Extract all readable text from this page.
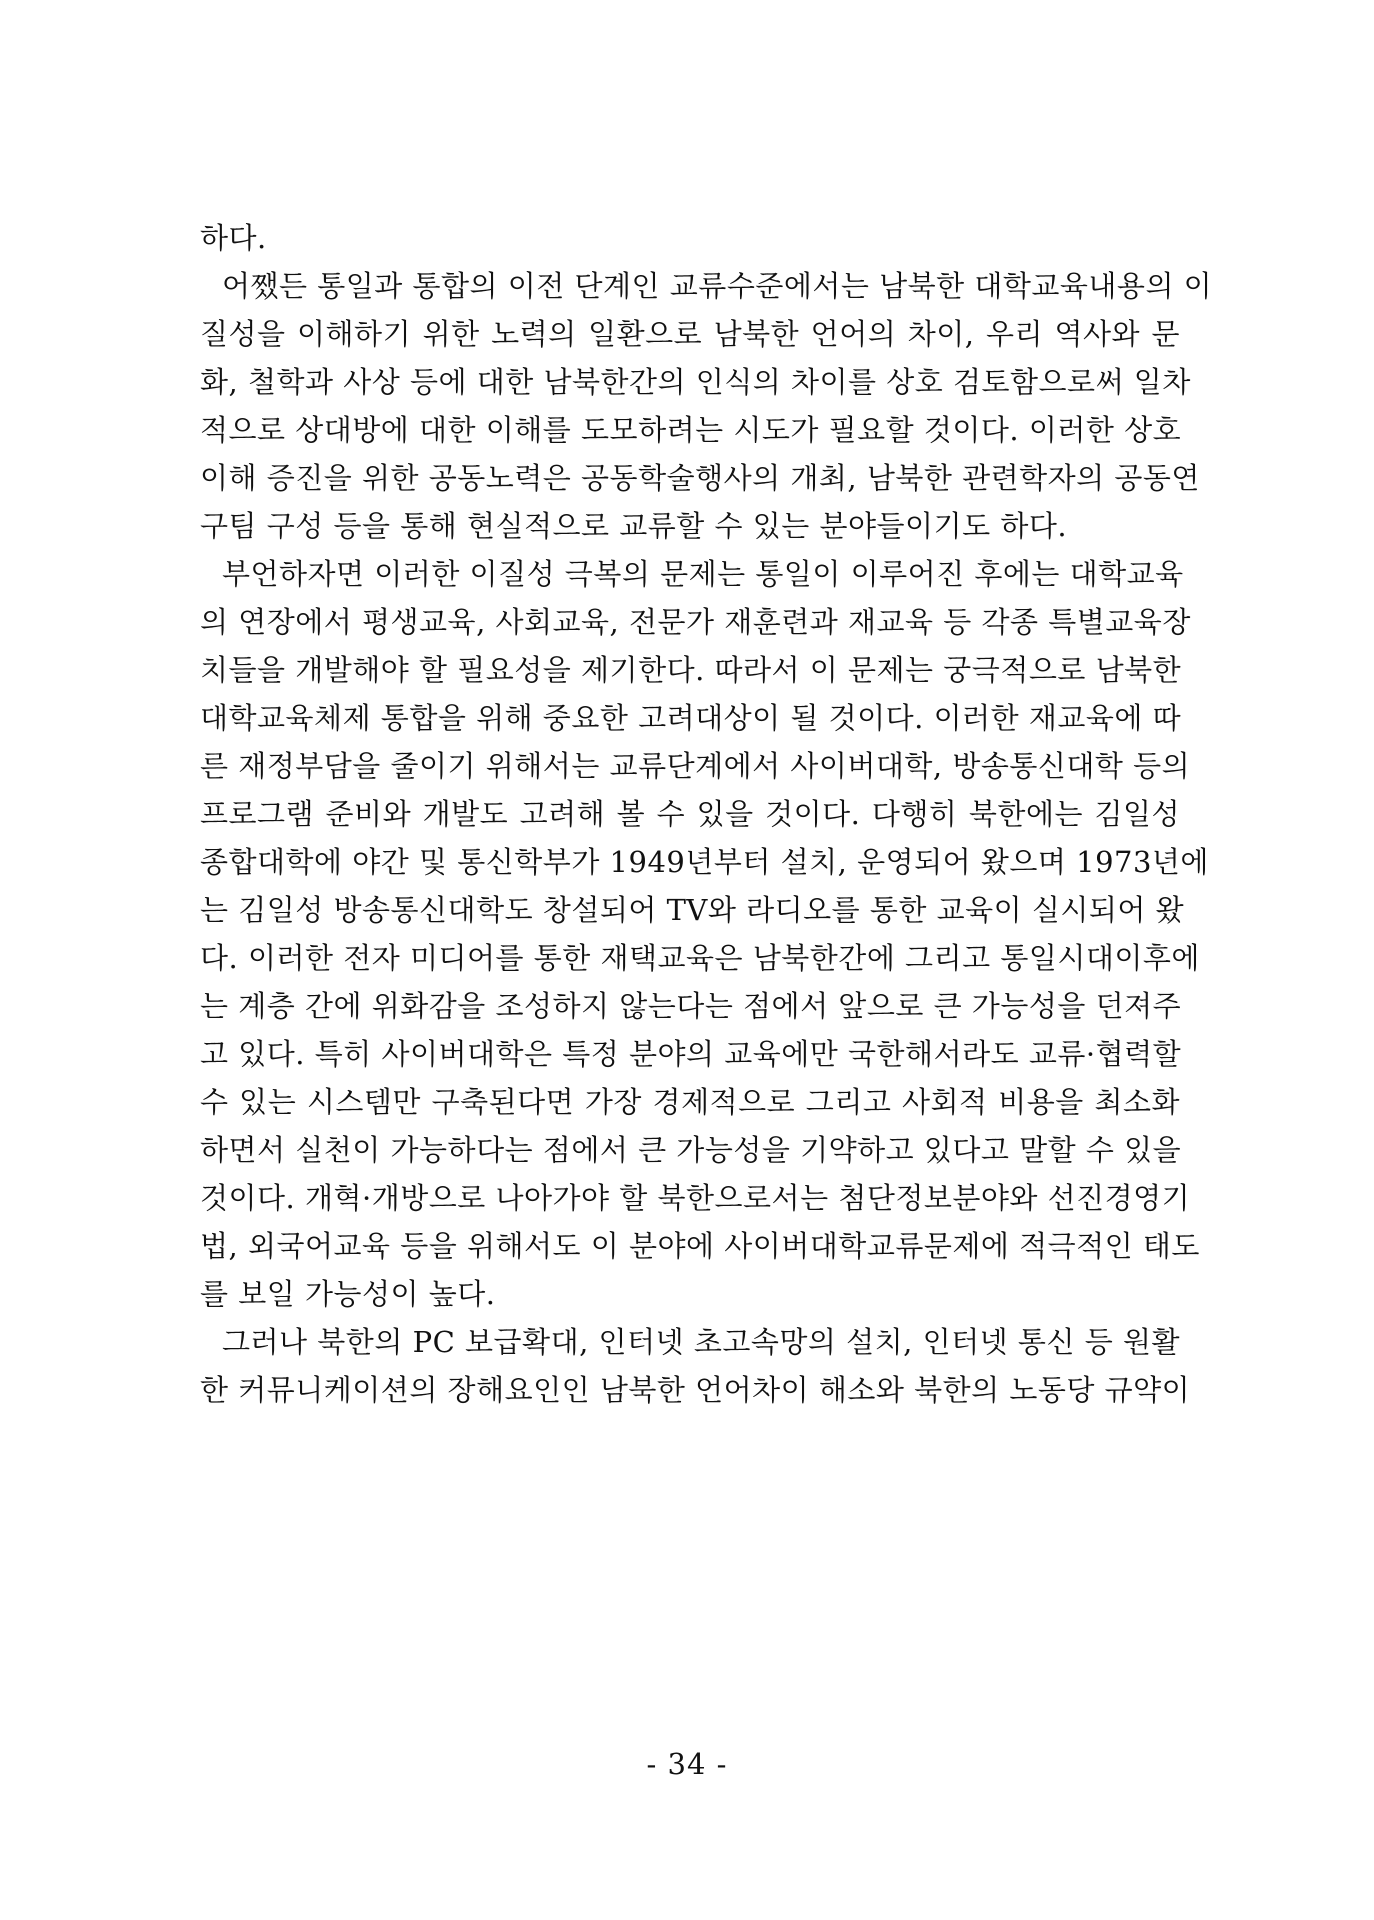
하다.
어쨌든 통일과 통합의 이전 단계인 교류수준에서는 남북한 대학교육내용의 이
질성을 이해하기 위한 노력의 일환으로 남북한 언어의 차이, 우리 역사와 문
화, 철학과 사상 등에 대한 남북한간의 인식의 차이를 상호 검토함으로써 일차
적으로 상대방에 대한 이해를 도모하려는 시도가 필요할 것이다. 이러한 상호
이해 증진을 위한 공동노력은 공동학술행사의 개최, 남북한 관련학자의 공동연
구팀 구성 등을 통해 현실적으로 교류할 수 있는 분야들이기도 하다.
부언하자면 이러한 이질성 극복의 문제는 통일이 이루어진 후에는 대학교육
의 연장에서 평생교육, 사회교육, 전문가 재훈련과 재교육 등 각종 특별교육장
치들을 개발해야 할 필요성을 제기한다. 따라서 이 문제는 궁극적으로 남북한
대학교육체제 통합을 위해 중요한 고려대상이 될 것이다. 이러한 재교육에 따
른 재정부담을 줄이기 위해서는 교류단계에서 사이버대학, 방송통신대학 등의
프로그램 준비와 개발도 고려해 볼 수 있을 것이다. 다행히 북한에는 김일성
종합대학에 야간 및 통신학부가 1949년부터 설치, 운영되어 왔으며 1973년에
는 김일성 방송통신대학도 창설되어 TV와 라디오를 통한 교육이 실시되어 왔
다. 이러한 전자 미디어를 통한 재택교육은 남북한간에 그리고 통일시대이후에
는 계층 간에 위화감을 조성하지 않는다는 점에서 앞으로 큰 가능성을 던져주
고 있다. 특히 사이버대학은 특정 분야의 교육에만 국한해서라도 교류·협력할
수 있는 시스템만 구축된다면 가장 경제적으로 그리고 사회적 비용을 최소화
하면서 실천이 가능하다는 점에서 큰 가능성을 기약하고 있다고 말할 수 있을
것이다. 개혁·개방으로 나아가야 할 북한으로서는 첨단정보분야와 선진경영기
법, 외국어교육 등을 위해서도 이 분야에 사이버대학교류문제에 적극적인 태도
를 보일 가능성이 높다.
그러나 북한의 PC 보급확대, 인터넷 초고속망의 설치, 인터넷 통신 등 원활
한 커뮤니케이션의 장해요인인 남북한 언어차이 해소와 북한의 노동당 규약이
- 34 -
